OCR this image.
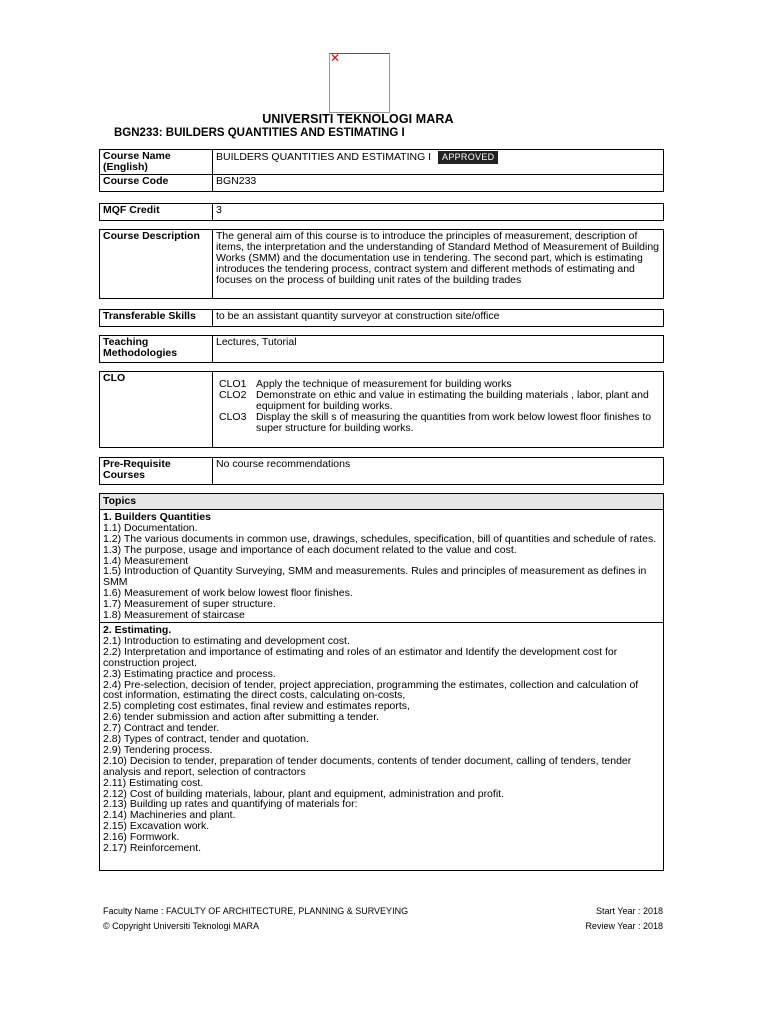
✕
UNIVERSITI TEKNOLOGI MARA
BGN233: BUILDERS QUANTITIES AND ESTIMATING I
Course Name (English)	BUILDERS QUANTITIES AND ESTIMATING I APPROVED
Course Code	BGN233
MQF Credit	3
Course Description	The general aim of this course is to introduce the principles of measurement, description of items, the interpretation and the understanding of Standard Method of Measurement of Building Works (SMM) and the documentation use in tendering. The second part, which is estimating introduces the tendering process, contract system and different methods of estimating and focuses on the process of building unit rates of the building trades
Transferable Skills	to be an assistant quantity surveyor at construction site/office
Teaching Methodologies	Lectures, Tutorial
CLO	CLO1 Apply the technique of measurement for building works
CLO2 Demonstrate on ethic and value in estimating the building materials , labor, plant and equipment for building works.
CLO3 Display the skill s of measuring the quantities from work below lowest floor finishes to super structure for building works.
Pre-Requisite Courses	No course recommendations
Topics
1. Builders Quantities
1.1) Documentation.
1.2) The various documents in common use, drawings, schedules, specification, bill of quantities and schedule of rates.
1.3) The purpose, usage and importance of each document related to the value and cost.
1.4) Measurement
1.5) Introduction of Quantity Surveying, SMM and measurements. Rules and principles of measurement as defines in SMM
1.6) Measurement of work below lowest floor finishes.
1.7) Measurement of super structure.
1.8) Measurement of staircase
2. Estimating.
2.1) Introduction to estimating and development cost.
2.2) Interpretation and importance of estimating and roles of an estimator and Identify the development cost for construction project.
2.3) Estimating practice and process.
2.4) Pre-selection, decision of tender, project appreciation, programming the estimates, collection and calculation of cost information, estimating the direct costs, calculating on-costs,
2.5) completing cost estimates, final review and estimates reports,
2.6) tender submission and action after submitting a tender.
2.7) Contract and tender.
2.8) Types of contract, tender and quotation.
2.9) Tendering process.
2.10) Decision to tender, preparation of tender documents, contents of tender document, calling of tenders, tender analysis and report, selection of contractors
2.11) Estimating cost.
2.12) Cost of building materials, labour, plant and equipment, administration and profit.
2.13) Building up rates and quantifying of materials for:
2.14) Machineries and plant.
2.15) Excavation work.
2.16) Formwork.
2.17) Reinforcement.
Faculty Name : FACULTY OF ARCHITECTURE, PLANNING & SURVEYING	Start Year : 2018
© Copyright Universiti Teknologi MARA	Review Year : 2018
